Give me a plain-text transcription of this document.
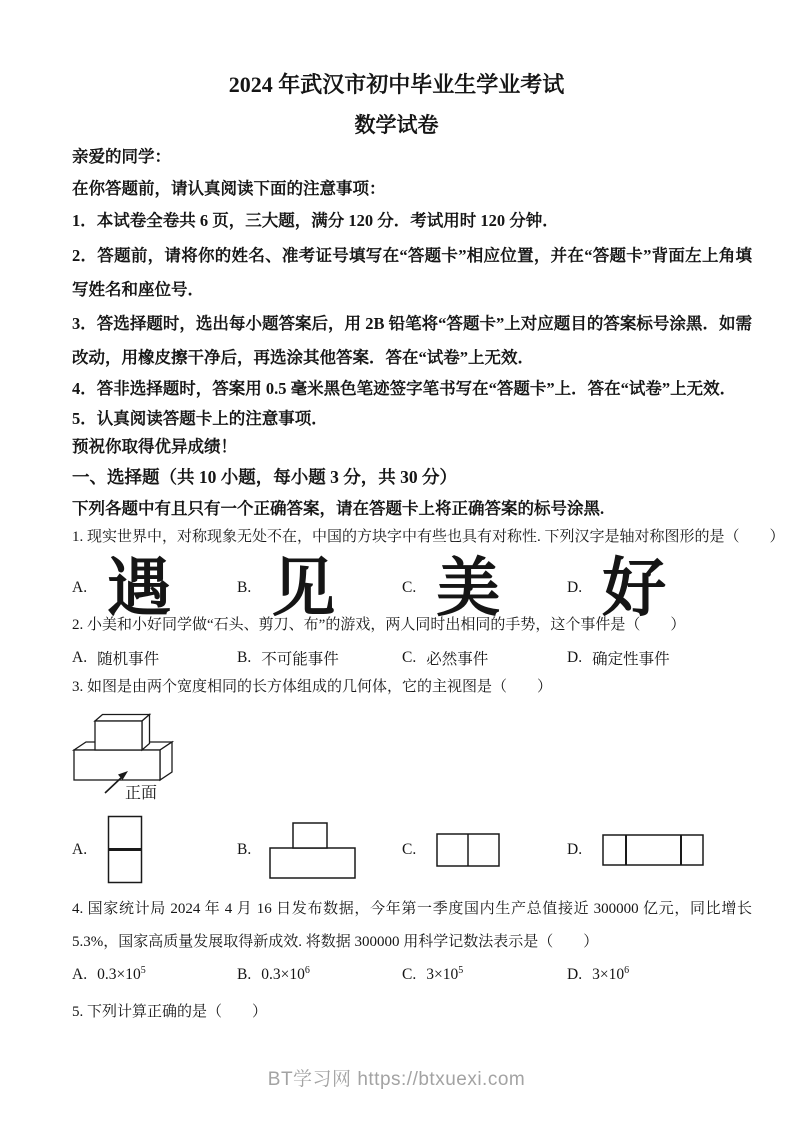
2024 年武汉市初中毕业生学业考试
数学试卷
亲爱的同学：
在你答题前，请认真阅读下面的注意事项：
1．本试卷全卷共 6 页，三大题，满分 120 分．考试用时 120 分钟．
2．答题前，请将你的姓名、准考证号填写在“答题卡”相应位置，并在“答题卡”背面左上角填写姓名和座位号．
3．答选择题时，选出每小题答案后，用 2B 铅笔将“答题卡”上对应题目的答案标号涂黑．如需改动，用橡皮擦干净后，再选涂其他答案．答在“试卷”上无效．
4．答非选择题时，答案用 0.5 毫米黑色笔迹签字笔书写在“答题卡”上．答在“试卷”上无效．
5．认真阅读答题卡上的注意事项．
预祝你取得优异成绩！
一、选择题（共 10 小题，每小题 3 分，共 30 分）
下列各题中有且只有一个正确答案，请在答题卡上将正确答案的标号涂黑.
1. 现实世界中，对称现象无处不在，中国的方块字中有些也具有对称性. 下列汉字是轴对称图形的是（　　）
A. 遇	B. 见	C. 美	D. 好
2. 小美和小好同学做“石头、剪刀、布”的游戏，两人同时出相同的手势，这个事件是（　　）
A. 随机事件	B. 不可能事件	C. 必然事件	D. 确定性事件
3. 如图是由两个宽度相同的长方体组成的几何体，它的主视图是（　　）
正面
A.	B.	C.	D.
4. 国家统计局 2024 年 4 月 16 日发布数据，今年第一季度国内生产总值接近 300000 亿元，同比增长 5.3%，国家高质量发展取得新成效. 将数据 300000 用科学记数法表示是（　　）
A. $0.3\times 10^5$	B. $0.3\times 10^6$	C. $3\times 10^5$	D. $3\times 10^6$
5. 下列计算正确的是（　　）
BT学习网 https://btxuexi.com
